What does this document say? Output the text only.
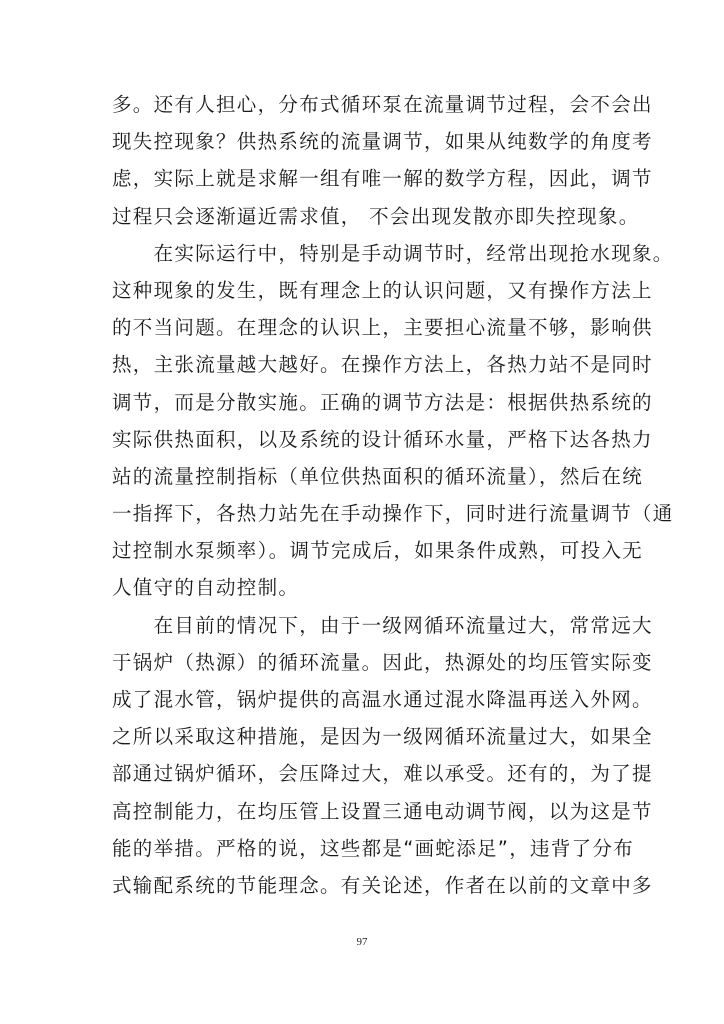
多。还有人担心，分布式循环泵在流量调节过程，会不会出
现失控现象？供热系统的流量调节，如果从纯数学的角度考
虑，实际上就是求解一组有唯一解的数学方程，因此，调节
过程只会逐渐逼近需求值， 不会出现发散亦即失控现象。
　　在实际运行中，特别是手动调节时，经常出现抢水现象。
这种现象的发生，既有理念上的认识问题，又有操作方法上
的不当问题。在理念的认识上，主要担心流量不够，影响供
热，主张流量越大越好。在操作方法上，各热力站不是同时
调节，而是分散实施。正确的调节方法是：根据供热系统的
实际供热面积，以及系统的设计循环水量，严格下达各热力
站的流量控制指标（单位供热面积的循环流量），然后在统
一指挥下，各热力站先在手动操作下，同时进行流量调节（通
过控制水泵频率）。调节完成后，如果条件成熟，可投入无
人值守的自动控制。
　　在目前的情况下，由于一级网循环流量过大，常常远大
于锅炉（热源）的循环流量。因此，热源处的均压管实际变
成了混水管，锅炉提供的高温水通过混水降温再送入外网。
之所以采取这种措施，是因为一级网循环流量过大，如果全
部通过锅炉循环，会压降过大，难以承受。还有的，为了提
高控制能力，在均压管上设置三通电动调节阀，以为这是节
能的举措。严格的说，这些都是“画蛇添足”，违背了分布
式输配系统的节能理念。有关论述，作者在以前的文章中多
97
